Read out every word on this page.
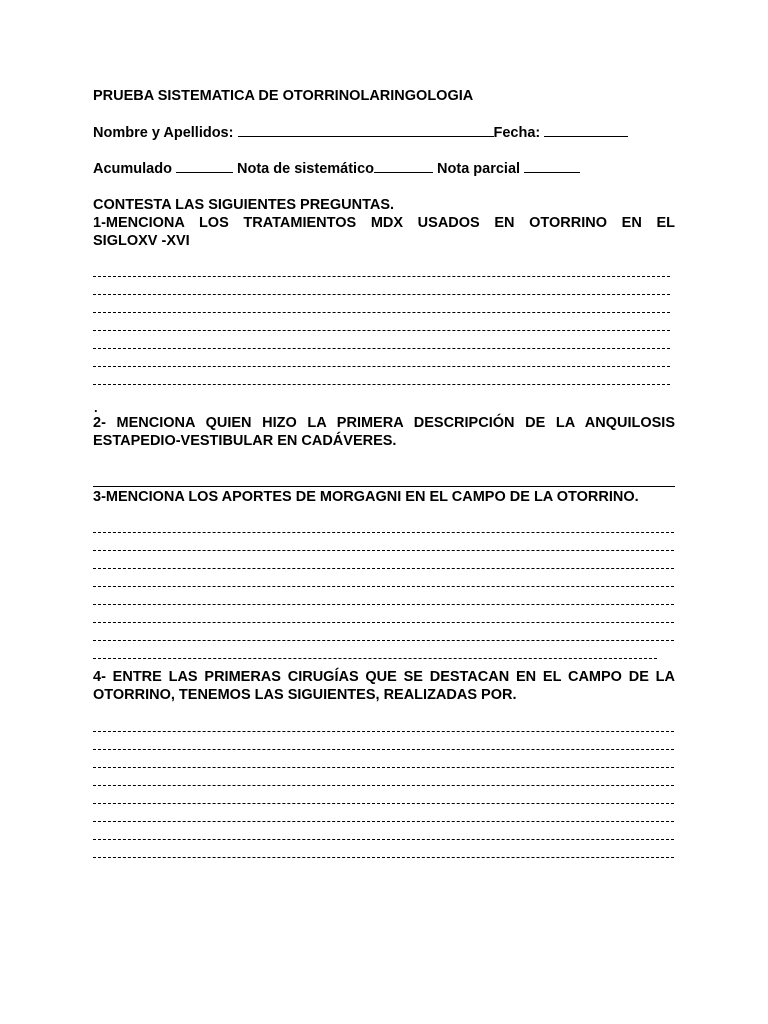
PRUEBA SISTEMATICA DE OTORRINOLARINGOLOGIA
Nombre y Apellidos:	Fecha:
Acumulado	Nota de sistemático	Nota parcial
CONTESTA LAS SIGUIENTES PREGUNTAS.
1-MENCIONA LOS TRATAMIENTOS MDX USADOS EN OTORRINO EN EL
SIGLOXV -XVI
.
2- MENCIONA QUIEN HIZO LA PRIMERA DESCRIPCIÓN DE LA ANQUILOSIS
ESTAPEDIO-VESTIBULAR EN CADÁVERES.
3-MENCIONA LOS APORTES DE MORGAGNI EN EL CAMPO DE LA OTORRINO.
4- ENTRE LAS PRIMERAS CIRUGÍAS QUE SE DESTACAN EN EL CAMPO DE LA
OTORRINO, TENEMOS LAS SIGUIENTES, REALIZADAS POR.
